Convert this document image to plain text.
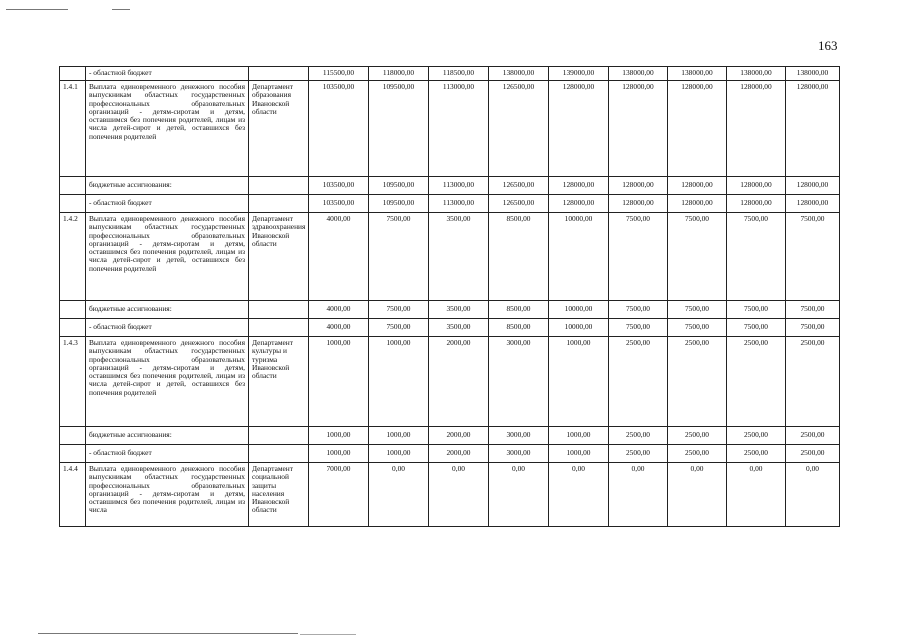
163
	- областной бюджет		115500,00	118000,00	118500,00	138000,00	139000,00	138000,00	138000,00	138000,00	138000,00
1.4.1	Выплата единовременного денежного пособия выпускникам областных государственных профессиональных образовательных организаций - детям-сиротам и детям, оставшимся без попечения родителей, лицам из числа детей-сирот и детей, оставшихся без попечения родителей	Департамент образования Ивановской области	103500,00	109500,00	113000,00	126500,00	128000,00	128000,00	128000,00	128000,00	128000,00
	бюджетные ассигнования:		103500,00	109500,00	113000,00	126500,00	128000,00	128000,00	128000,00	128000,00	128000,00
	- областной бюджет		103500,00	109500,00	113000,00	126500,00	128000,00	128000,00	128000,00	128000,00	128000,00
1.4.2	Выплата единовременного денежного пособия выпускникам областных государственных профессиональных образовательных организаций - детям-сиротам и детям, оставшимся без попечения родителей, лицам из числа детей-сирот и детей, оставшихся без попечения родителей	Департамент здравоохранения Ивановской области	4000,00	7500,00	3500,00	8500,00	10000,00	7500,00	7500,00	7500,00	7500,00
	бюджетные ассигнования:		4000,00	7500,00	3500,00	8500,00	10000,00	7500,00	7500,00	7500,00	7500,00
	- областной бюджет		4000,00	7500,00	3500,00	8500,00	10000,00	7500,00	7500,00	7500,00	7500,00
1.4.3	Выплата единовременного денежного пособия выпускникам областных государственных профессиональных образовательных организаций - детям-сиротам и детям, оставшимся без попечения родителей, лицам из числа детей-сирот и детей, оставшихся без попечения родителей	Департамент культуры и туризма Ивановской области	1000,00	1000,00	2000,00	3000,00	1000,00	2500,00	2500,00	2500,00	2500,00
	бюджетные ассигнования:		1000,00	1000,00	2000,00	3000,00	1000,00	2500,00	2500,00	2500,00	2500,00
	- областной бюджет		1000,00	1000,00	2000,00	3000,00	1000,00	2500,00	2500,00	2500,00	2500,00
1.4.4	Выплата единовременного денежного пособия выпускникам областных государственных профессиональных образовательных организаций - детям-сиротам и детям, оставшимся без попечения родителей, лицам из числа	Департамент социальной защиты населения Ивановской области	7000,00	0,00	0,00	0,00	0,00	0,00	0,00	0,00	0,00
